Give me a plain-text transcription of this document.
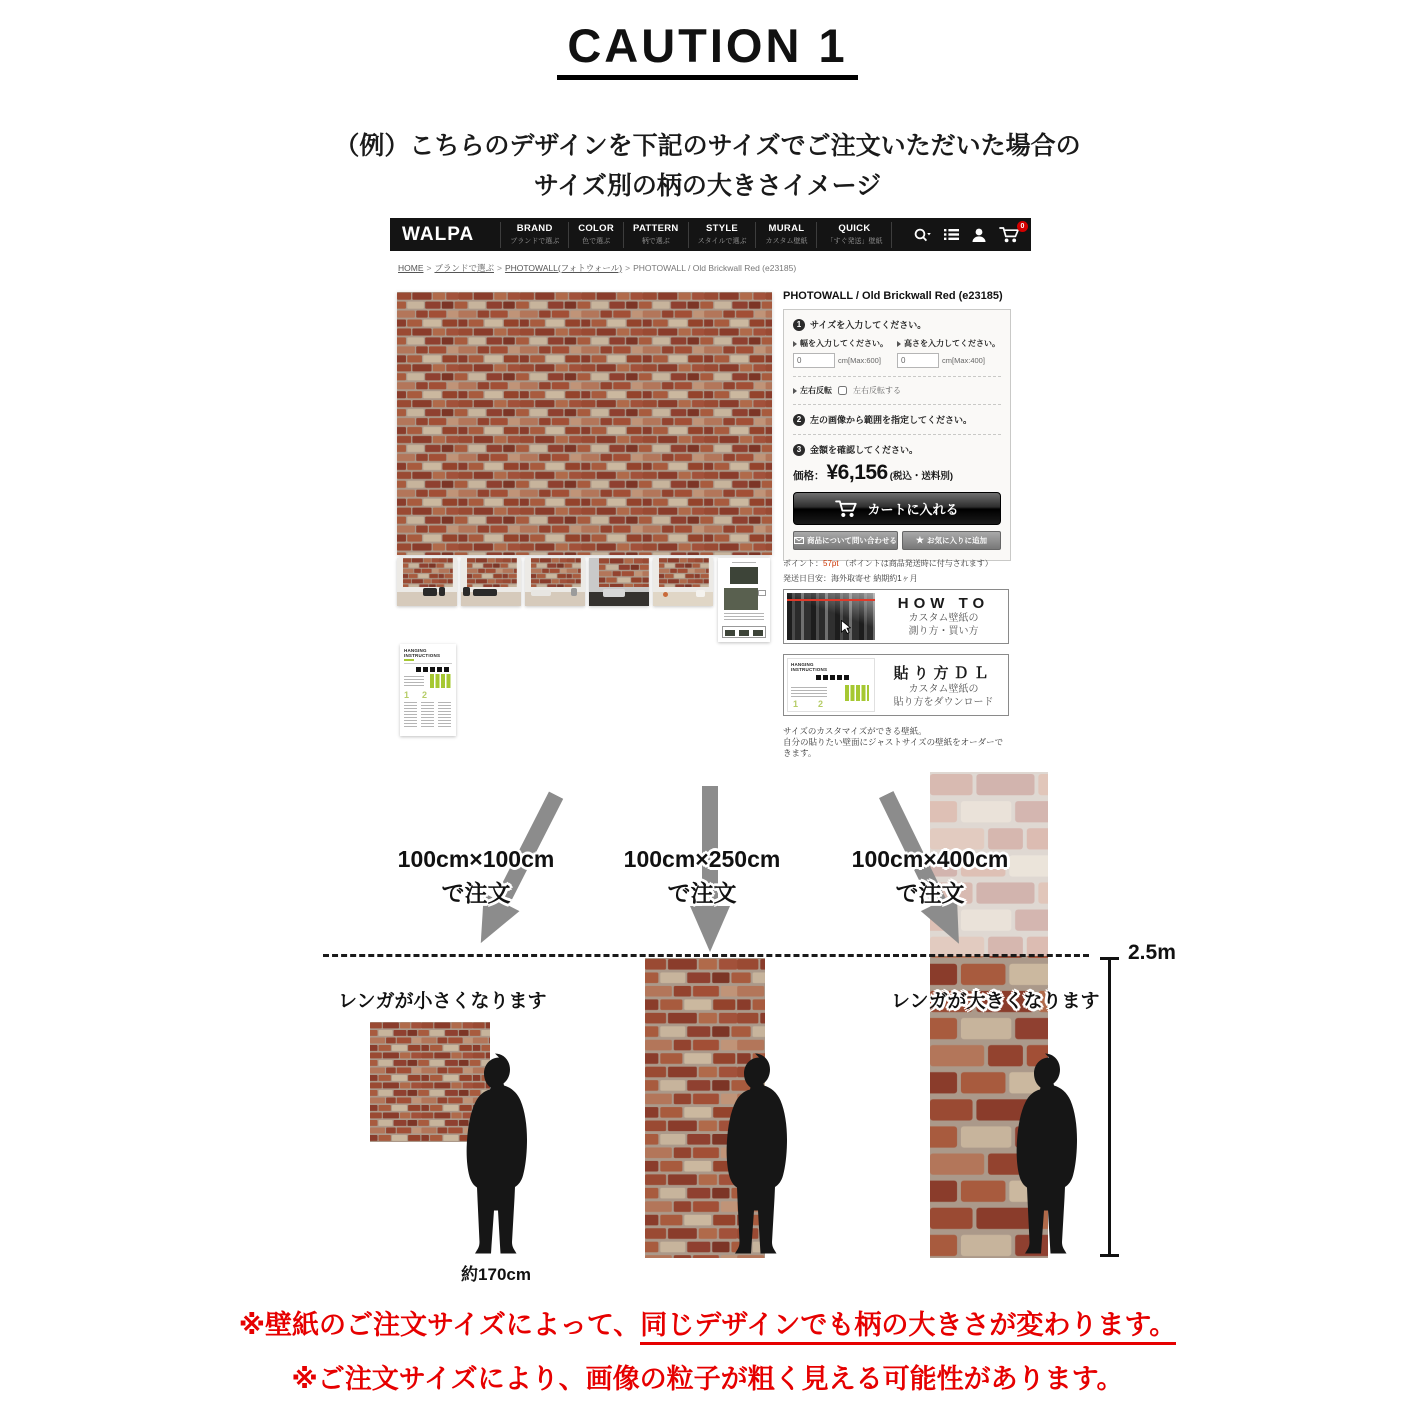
CAUTION 1
（例）こちらのデザインを下記のサイズでご注文いただいた場合の
サイズ別の柄の大きさイメージ
WALPA	BRAND
ブランドで選ぶ
COLOR
色で選ぶ
PATTERN
柄で選ぶ
STYLE
スタイルで選ぶ
MURAL
カスタム壁紙
QUICK
「すぐ発送」壁紙
0
HOME > ブランドで選ぶ > PHOTOWALL(フォトウォール) > PHOTOWALL / Old Brickwall Red (e23185)
PHOTOWALL / Old Brickwall Red (e23185)
1 サイズを入力してください。
幅を入力してください。
0
cm[Max:600]
高さを入力してください。
0
cm[Max:400]
左右反転	左右反転する
2 左の画像から範囲を指定してください。
3 金額を確認してください。
価格： ¥6,156 (税込・送料別)
カートに入れる
商品について問い合わせる ★ お気に入りに追加
ポイント：57pt （ポイントは商品発送時に付与されます）
発送日目安：海外取寄せ 納期約1ヶ月
HOW TO
カスタム壁紙の
測り方・買い方
HANGING
INSTRUCTIONS
1 2
貼り方ＤＬ
カスタム壁紙の
貼り方をダウンロード
サイズのカスタマイズができる壁紙。
自分の貼りたい壁面にジャストサイズの壁紙をオーダーできます。
HANGING
INSTRUCTIONS
1 2
100cm×100cm
で注文
100cm×250cm
で注文
100cm×400cm
で注文
レンガが小さくなります	レンガが大きくなります
約170cm
2.5m
※壁紙のご注文サイズによって、同じデザインでも柄の大きさが変わります。
※ご注文サイズにより、画像の粒子が粗く見える可能性があります。
